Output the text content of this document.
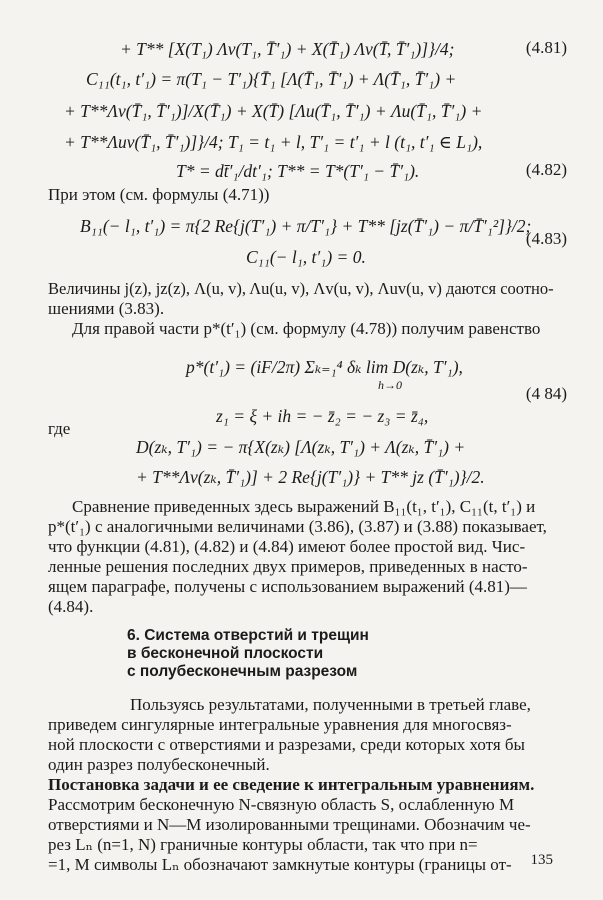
+ T** [X(T₁) Λv(T₁, T̄′₁) + X(T̄₁) Λv(T̄, T̄′₁)]}/4;	(4.81)
C₁₁(t₁, t′₁) = π(T₁ − T′₁){T̄₁ [Λ(T̄₁, T̄′₁) + Λ(T̄₁, T̄′₁) +
+ T**Λv(T̄₁, T̄′₁)]/X(T̄₁) + X(T̄) [Λu(T̄₁, T̄′₁) + Λu(T̄₁, T̄′₁) +
+ T**Λuv(T̄₁, T̄′₁)]}/4; T₁ = t₁ + l, T′₁ = t′₁ + l (t₁, t′₁ ∈ L₁),
T* = dt̄′₁/dt′₁; T** = T*(T′₁ − T̄′₁).	(4.82)
При этом (см. формулы (4.71))
B₁₁(− l₁, t′₁) = π{2 Re{j(T′₁) + π/T′₁} + T** [jz(T̄′₁) − π/T̄′₁²]}/2;
(4.83)
C₁₁(− l₁, t′₁) = 0.
Величины j(z), jz(z), Λ(u, v), Λu(u, v), Λv(u, v), Λuv(u, v) даются соотно-
шениями (3.83).
Для правой части p*(t′₁) (см. формулу (4.78)) получим равенство
p*(t′₁) = (iF/2π) Σₖ₌₁⁴ δₖ lim D(zₖ, T′₁),
h→0	(4 84)
z₁ = ξ + ih = − z̄₂ = − z₃ = z̄₄,
где
D(zₖ, T′₁) = − π{X(zₖ) [Λ(zₖ, T′₁) + Λ(zₖ, T̄′₁) +
+ T**Λv(zₖ, T̄′₁)] + 2 Re{j(T′₁)} + T** jz (T̄′₁)}/2.
Сравнение приведенных здесь выражений B₁₁(t₁, t′₁), C₁₁(t, t′₁) и
p*(t′₁) с аналогичными величинами (3.86), (3.87) и (3.88) показывает,
что функции (4.81), (4.82) и (4.84) имеют более простой вид. Чис-
ленные решения последних двух примеров, приведенных в насто-
ящем параграфе, получены с использованием выражений (4.81)—
(4.84).
6. Система отверстий и трещин
в бесконечной плоскости
с полубесконечным разрезом
Пользуясь результатами, полученными в третьей главе,
приведем сингулярные интегральные уравнения для многосвяз-
ной плоскости с отверстиями и разрезами, среди которых хотя бы
один разрез полубесконечный.
Постановка задачи и ее сведение к интегральным уравнениям.
Рассмотрим бесконечную N-связную область S, ослабленную M
отверстиями и N—M изолированными трещинами. Обозначим че-
рез Lₙ (n=1, N) граничные контуры области, так что при n=
=1, M символы Lₙ обозначают замкнутые контуры (границы от- 135
